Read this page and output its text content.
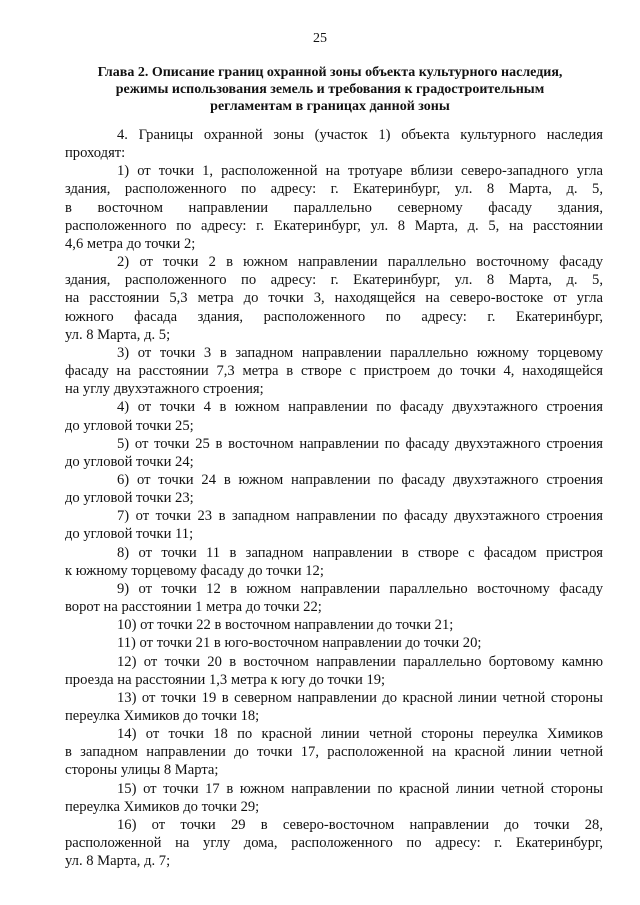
25
Глава 2. Описание границ охранной зоны объекта культурного наследия,
режимы использования земель и требования к градостроительным
регламентам в границах данной зоны
4. Границы охранной зоны (участок 1) объекта культурного наследия
проходят:
1) от точки 1, расположенной на тротуаре вблизи северо-западного угла
здания, расположенного по адресу: г. Екатеринбург, ул. 8 Марта, д. 5,
в восточном направлении параллельно северному фасаду здания,
расположенного по адресу: г. Екатеринбург, ул. 8 Марта, д. 5, на расстоянии
4,6 метра до точки 2;
2) от точки 2 в южном направлении параллельно восточному фасаду
здания, расположенного по адресу: г. Екатеринбург, ул. 8 Марта, д. 5,
на расстоянии 5,3 метра до точки 3, находящейся на северо-востоке от угла
южного фасада здания, расположенного по адресу: г. Екатеринбург,
ул. 8 Марта, д. 5;
3) от точки 3 в западном направлении параллельно южному торцевому
фасаду на расстоянии 7,3 метра в створе с пристроем до точки 4, находящейся
на углу двухэтажного строения;
4) от точки 4 в южном направлении по фасаду двухэтажного строения
до угловой точки 25;
5) от точки 25 в восточном направлении по фасаду двухэтажного строения
до угловой точки 24;
6) от точки 24 в южном направлении по фасаду двухэтажного строения
до угловой точки 23;
7) от точки 23 в западном направлении по фасаду двухэтажного строения
до угловой точки 11;
8) от точки 11 в западном направлении в створе с фасадом пристроя
к южному торцевому фасаду до точки 12;
9) от точки 12 в южном направлении параллельно восточному фасаду
ворот на расстоянии 1 метра до точки 22;
10) от точки 22 в восточном направлении до точки 21;
11) от точки 21 в юго-восточном направлении до точки 20;
12) от точки 20 в восточном направлении параллельно бортовому камню
проезда на расстоянии 1,3 метра к югу до точки 19;
13) от точки 19 в северном направлении до красной линии четной стороны
переулка Химиков до точки 18;
14) от точки 18 по красной линии четной стороны переулка Химиков
в западном направлении до точки 17, расположенной на красной линии четной
стороны улицы 8 Марта;
15) от точки 17 в южном направлении по красной линии четной стороны
переулка Химиков до точки 29;
16) от точки 29 в северо-восточном направлении до точки 28,
расположенной на углу дома, расположенного по адресу: г. Екатеринбург,
ул. 8 Марта, д. 7;
